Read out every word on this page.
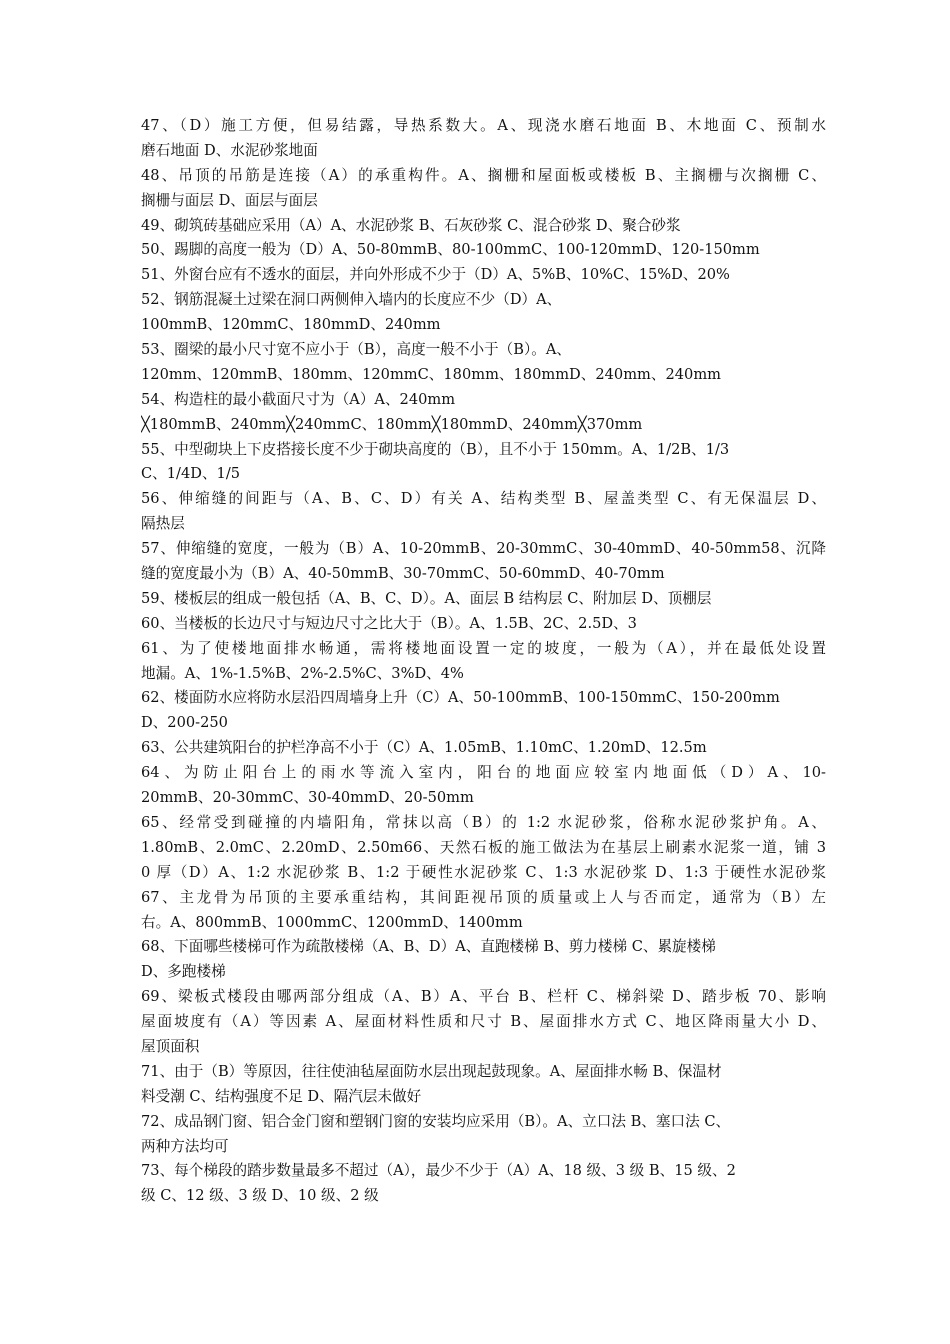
47、（D）施工方便，但易结露，导热系数大。A、现浇水磨石地面 B、木地面 C、预制水
磨石地面 D、水泥砂浆地面
48、吊顶的吊筋是连接（A）的承重构件。A、搁栅和屋面板或楼板 B、主搁栅与次搁栅 C、
搁栅与面层 D、面层与面层
49、砌筑砖基础应采用（A）A、水泥砂浆 B、石灰砂浆 C、混合砂浆 D、聚合砂浆
50、踢脚的高度一般为（D）A、50-80mmB、80-100mmC、100-120mmD、120-150mm
51、外窗台应有不透水的面层，并向外形成不少于（D）A、5%B、10%C、15%D、20%
52、钢筋混凝土过梁在洞口两侧伸入墙内的长度应不少（D）A、
100mmB、120mmC、180mmD、240mm
53、圈梁的最小尺寸宽不应小于（B），高度一般不小于（B）。A、
120mm、120mmB、180mm、120mmC、180mm、180mmD、240mm、240mm
54、构造柱的最小截面尺寸为（A）A、240mm
╳180mmB、240mm╳240mmC、180mm╳180mmD、240mm╳370mm
55、中型砌块上下皮搭接长度不少于砌块高度的（B），且不小于 150mm。A、1/2B、1/3
C、1/4D、1/5
56、伸缩缝的间距与（A、B、C、D）有关 A、结构类型 B、屋盖类型 C、有无保温层 D、
隔热层
57、伸缩缝的宽度，一般为（B）A、10-20mmB、20-30mmC、30-40mmD、40-50mm58、沉降
缝的宽度最小为（B）A、40-50mmB、30-70mmC、50-60mmD、40-70mm
59、楼板层的组成一般包括（A、B、C、D）。A、面层 B 结构层 C、附加层 D、顶棚层
60、当楼板的长边尺寸与短边尺寸之比大于（B）。A、1.5B、2C、2.5D、3
61、为了使楼地面排水畅通，需将楼地面设置一定的坡度，一般为（A），并在最低处设置
地漏。A、1%-1.5%B、2%-2.5%C、3%D、4%
62、楼面防水应将防水层沿四周墙身上升（C）A、50-100mmB、100-150mmC、150-200mm
D、200-250
63、公共建筑阳台的护栏净高不小于（C）A、1.05mB、1.10mC、1.20mD、12.5m
64、为防止阳台上的雨水等流入室内，阳台的地面应较室内地面低（D）A、10-
20mmB、20-30mmC、30-40mmD、20-50mm
65、经常受到碰撞的内墙阳角，常抹以高（B）的 1:2 水泥砂浆，俗称水泥砂浆护角。A、
1.80mB、2.0mC、2.20mD、2.50m66、天然石板的施工做法为在基层上刷素水泥浆一道，铺 3
0 厚（D）A、1:2 水泥砂浆 B、1:2 于硬性水泥砂浆 C、1:3 水泥砂浆 D、1:3 于硬性水泥砂浆
67、主龙骨为吊顶的主要承重结构，其间距视吊顶的质量或上人与否而定，通常为（B）左
右。A、800mmB、1000mmC、1200mmD、1400mm
68、下面哪些楼梯可作为疏散楼梯（A、B、D）A、直跑楼梯 B、剪力楼梯 C、累旋楼梯
D、多跑楼梯
69、梁板式楼段由哪两部分组成（A、B）A、平台 B、栏杆 C、梯斜梁 D、踏步板 70、影响
屋面坡度有（A）等因素 A、屋面材料性质和尺寸 B、屋面排水方式 C、地区降雨量大小 D、
屋顶面积
71、由于（B）等原因，往往使油毡屋面防水层出现起鼓现象。A、屋面排水畅 B、保温材
料受潮 C、结构强度不足 D、隔汽层未做好
72、成品钢门窗、铝合金门窗和塑钢门窗的安装均应采用（B）。A、立口法 B、塞口法 C、
两种方法均可
73、每个梯段的踏步数量最多不超过（A），最少不少于（A）A、18 级、3 级 B、15 级、2
级 C、12 级、3 级 D、10 级、2 级
